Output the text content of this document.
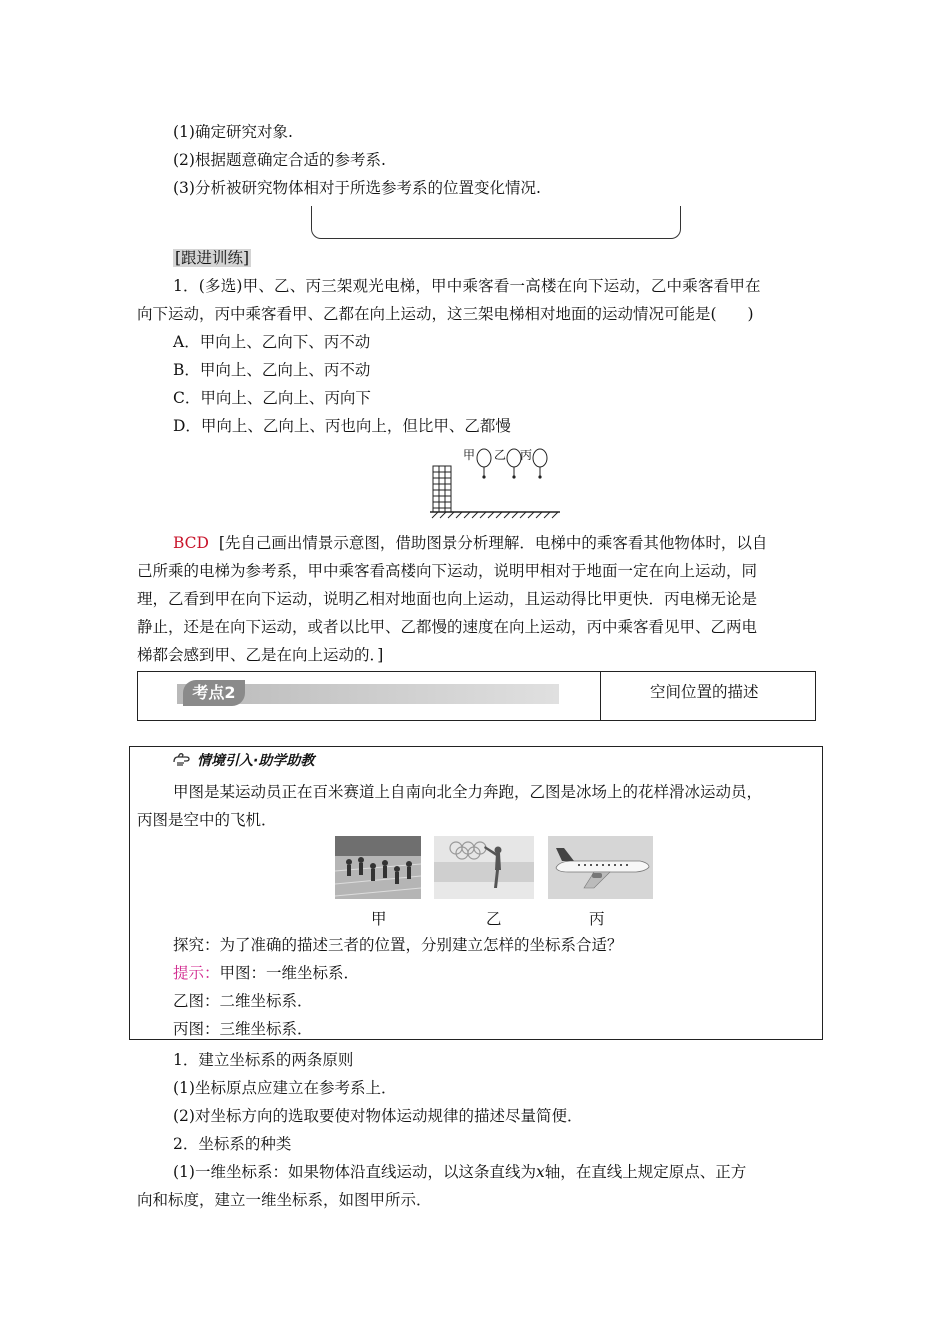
(1)确定研究对象.
(2)根据题意确定合适的参考系.
(3)分析被研究物体相对于所选参考系的位置变化情况.
[跟进训练]
1．(多选)甲、乙、丙三架观光电梯，甲中乘客看一高楼在向下运动，乙中乘客看甲在
向下运动，丙中乘客看甲、乙都在向上运动，这三架电梯相对地面的运动情况可能是(　　)
A．甲向上、乙向下、丙不动
B．甲向上、乙向上、丙不动
C．甲向上、乙向上、丙向下
D．甲向上、乙向上、丙也向上，但比甲、乙都慢
甲 乙 丙
BCD [先自己画出情景示意图，借助图景分析理解．电梯中的乘客看其他物体时，以自
己所乘的电梯为参考系，甲中乘客看高楼向下运动，说明甲相对于地面一定在向上运动，同
理，乙看到甲在向下运动，说明乙相对地面也向上运动，且运动得比甲更快．丙电梯无论是
静止，还是在向下运动，或者以比甲、乙都慢的速度在向上运动，丙中乘客看见甲、乙两电
梯都会感到甲、乙是在向上运动的．]
考点2	空间位置的描述
情境引入·助学助教
甲图是某运动员正在百米赛道上自南向北全力奔跑，乙图是冰场上的花样滑冰运动员，
丙图是空中的飞机．
甲	乙	丙
探究：为了准确的描述三者的位置，分别建立怎样的坐标系合适？
提示：甲图：一维坐标系．
乙图：二维坐标系．
丙图：三维坐标系．
1．建立坐标系的两条原则
(1)坐标原点应建立在参考系上．
(2)对坐标方向的选取要使对物体运动规律的描述尽量简便．
2．坐标系的种类
(1)一维坐标系：如果物体沿直线运动，以这条直线为x轴，在直线上规定原点、正方
向和标度，建立一维坐标系，如图甲所示．
